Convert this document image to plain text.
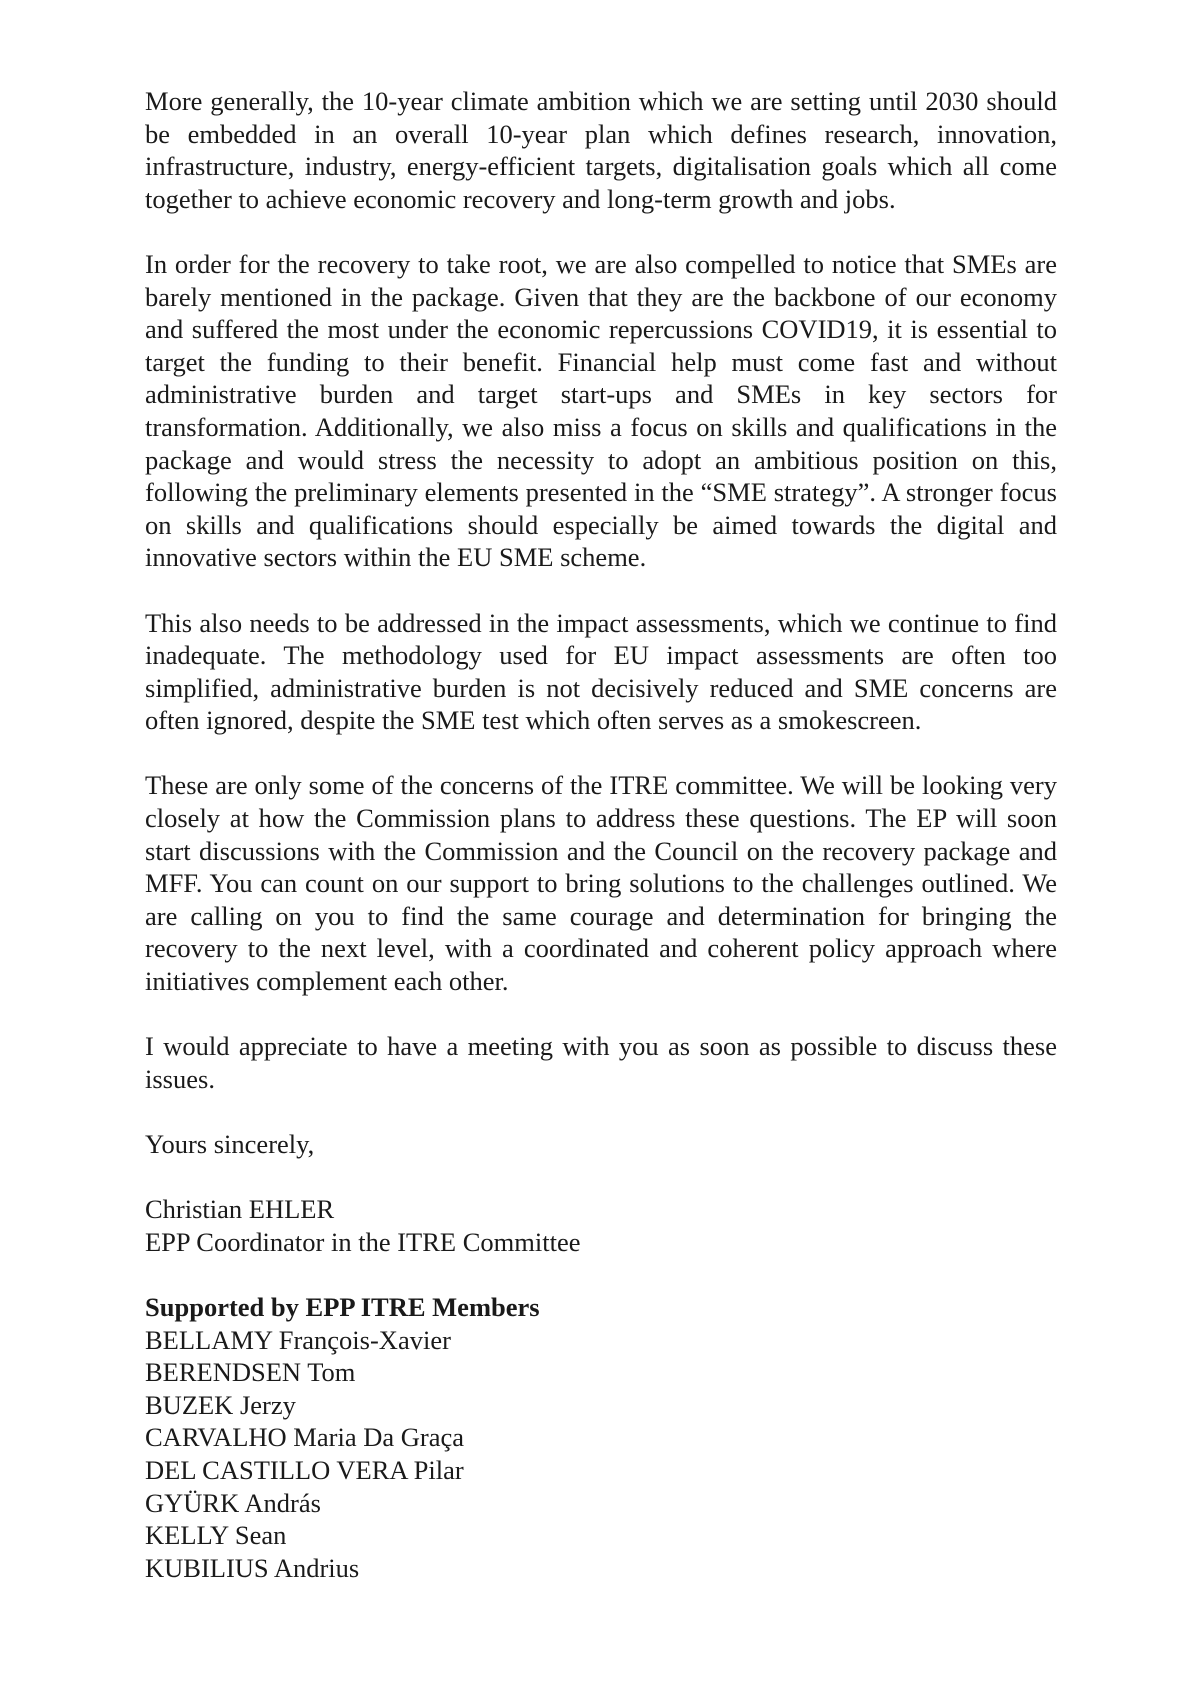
More generally, the 10-year climate ambition which we are setting until 2030 should be embedded in an overall 10-year plan which defines research, innovation, infrastructure, industry, energy-efficient targets, digitalisation goals which all come together to achieve economic recovery and long-term growth and jobs.

In order for the recovery to take root, we are also compelled to notice that SMEs are barely mentioned in the package. Given that they are the backbone of our economy and suffered the most under the economic repercussions COVID19, it is essential to target the funding to their benefit. Financial help must come fast and without administrative burden and target start-ups and SMEs in key sectors for transformation. Additionally, we also miss a focus on skills and qualifications in the package and would stress the necessity to adopt an ambitious position on this, following the preliminary elements presented in the “SME strategy”. A stronger focus on skills and qualifications should especially be aimed towards the digital and innovative sectors within the EU SME scheme.

This also needs to be addressed in the impact assessments, which we continue to find inadequate. The methodology used for EU impact assessments are often too simplified, administrative burden is not decisively reduced and SME concerns are often ignored, despite the SME test which often serves as a smokescreen.

These are only some of the concerns of the ITRE committee. We will be looking very closely at how the Commission plans to address these questions. The EP will soon start discussions with the Commission and the Council on the recovery package and MFF. You can count on our support to bring solutions to the challenges outlined. We are calling on you to find the same courage and determination for bringing the recovery to the next level, with a coordinated and coherent policy approach where initiatives complement each other.

I would appreciate to have a meeting with you as soon as possible to discuss these issues.

Yours sincerely,

Christian EHLER

EPP Coordinator in the ITRE Committee

Supported by EPP ITRE Members

BELLAMY François-Xavier

BERENDSEN Tom

BUZEK Jerzy

CARVALHO Maria Da Graça

DEL CASTILLO VERA Pilar

GYÜRK András

KELLY Sean

KUBILIUS Andrius
